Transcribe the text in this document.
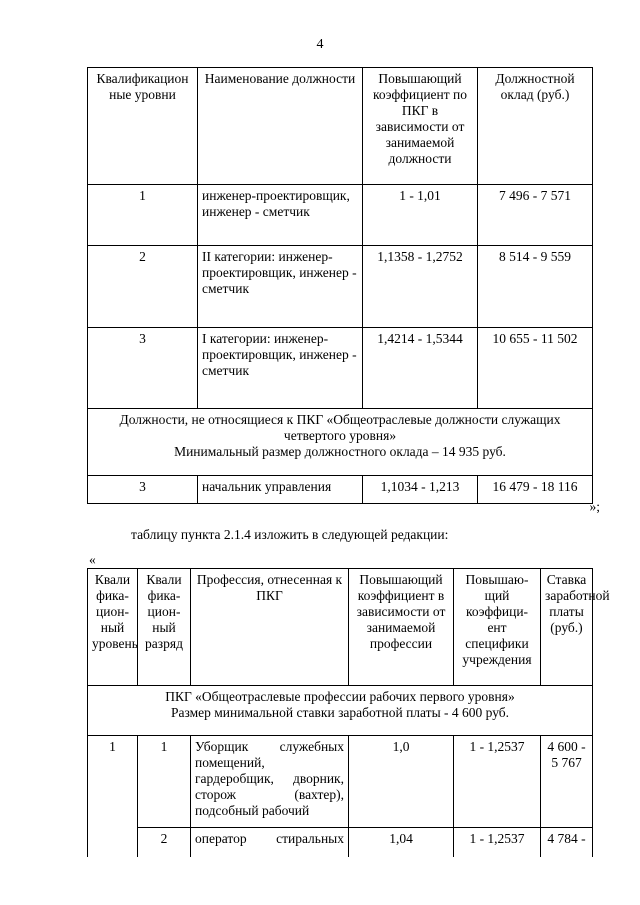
4
Квалификацион ные уровни	Наименование должности	Повышающий коэффициент по ПКГ в зависимости от занимаемой должности	Должностной оклад (руб.)
1	инженер-проектировщик, инженер - сметчик	1 - 1,01	7 496 - 7 571
2	II категории: инженер-проектировщик, инженер - сметчик	1,1358 - 1,2752	8 514 - 9 559
3	I категории: инженер-проектировщик, инженер - сметчик	1,4214 - 1,5344	10 655 - 11 502

Должности, не относящиеся к ПКГ «Общеотраслевые должности служащих четвертого уровня»
Минимальный размер должностного оклада – 14 935 руб.			

3	начальник управления	1,1034 - 1,213	16 479 - 18 116
»;
таблицу пункта 2.1.4 изложить в следующей редакции:
«
Квали фика-цион-ный уровень	Квали фика-цион-ный разряд	Профессия, отнесенная к ПКГ	Повышающий коэффициент в зависимости от занимаемой профессии	Повышаю-щий коэффици-ент специфики учреждения	Ставка заработной платы (руб.)

ПКГ «Общеотраслевые профессии рабочих первого уровня»
Размер минимальной ставки заработной платы - 4 600 руб.					

1	1	Уборщик служебных помещений, гардеробщик, дворник, сторож (вахтер), подсобный рабочий	1,0	1 - 1,2537	4 600 - 5 767
	2	оператор стиральных	1,04	1 - 1,2537	4 784 -
